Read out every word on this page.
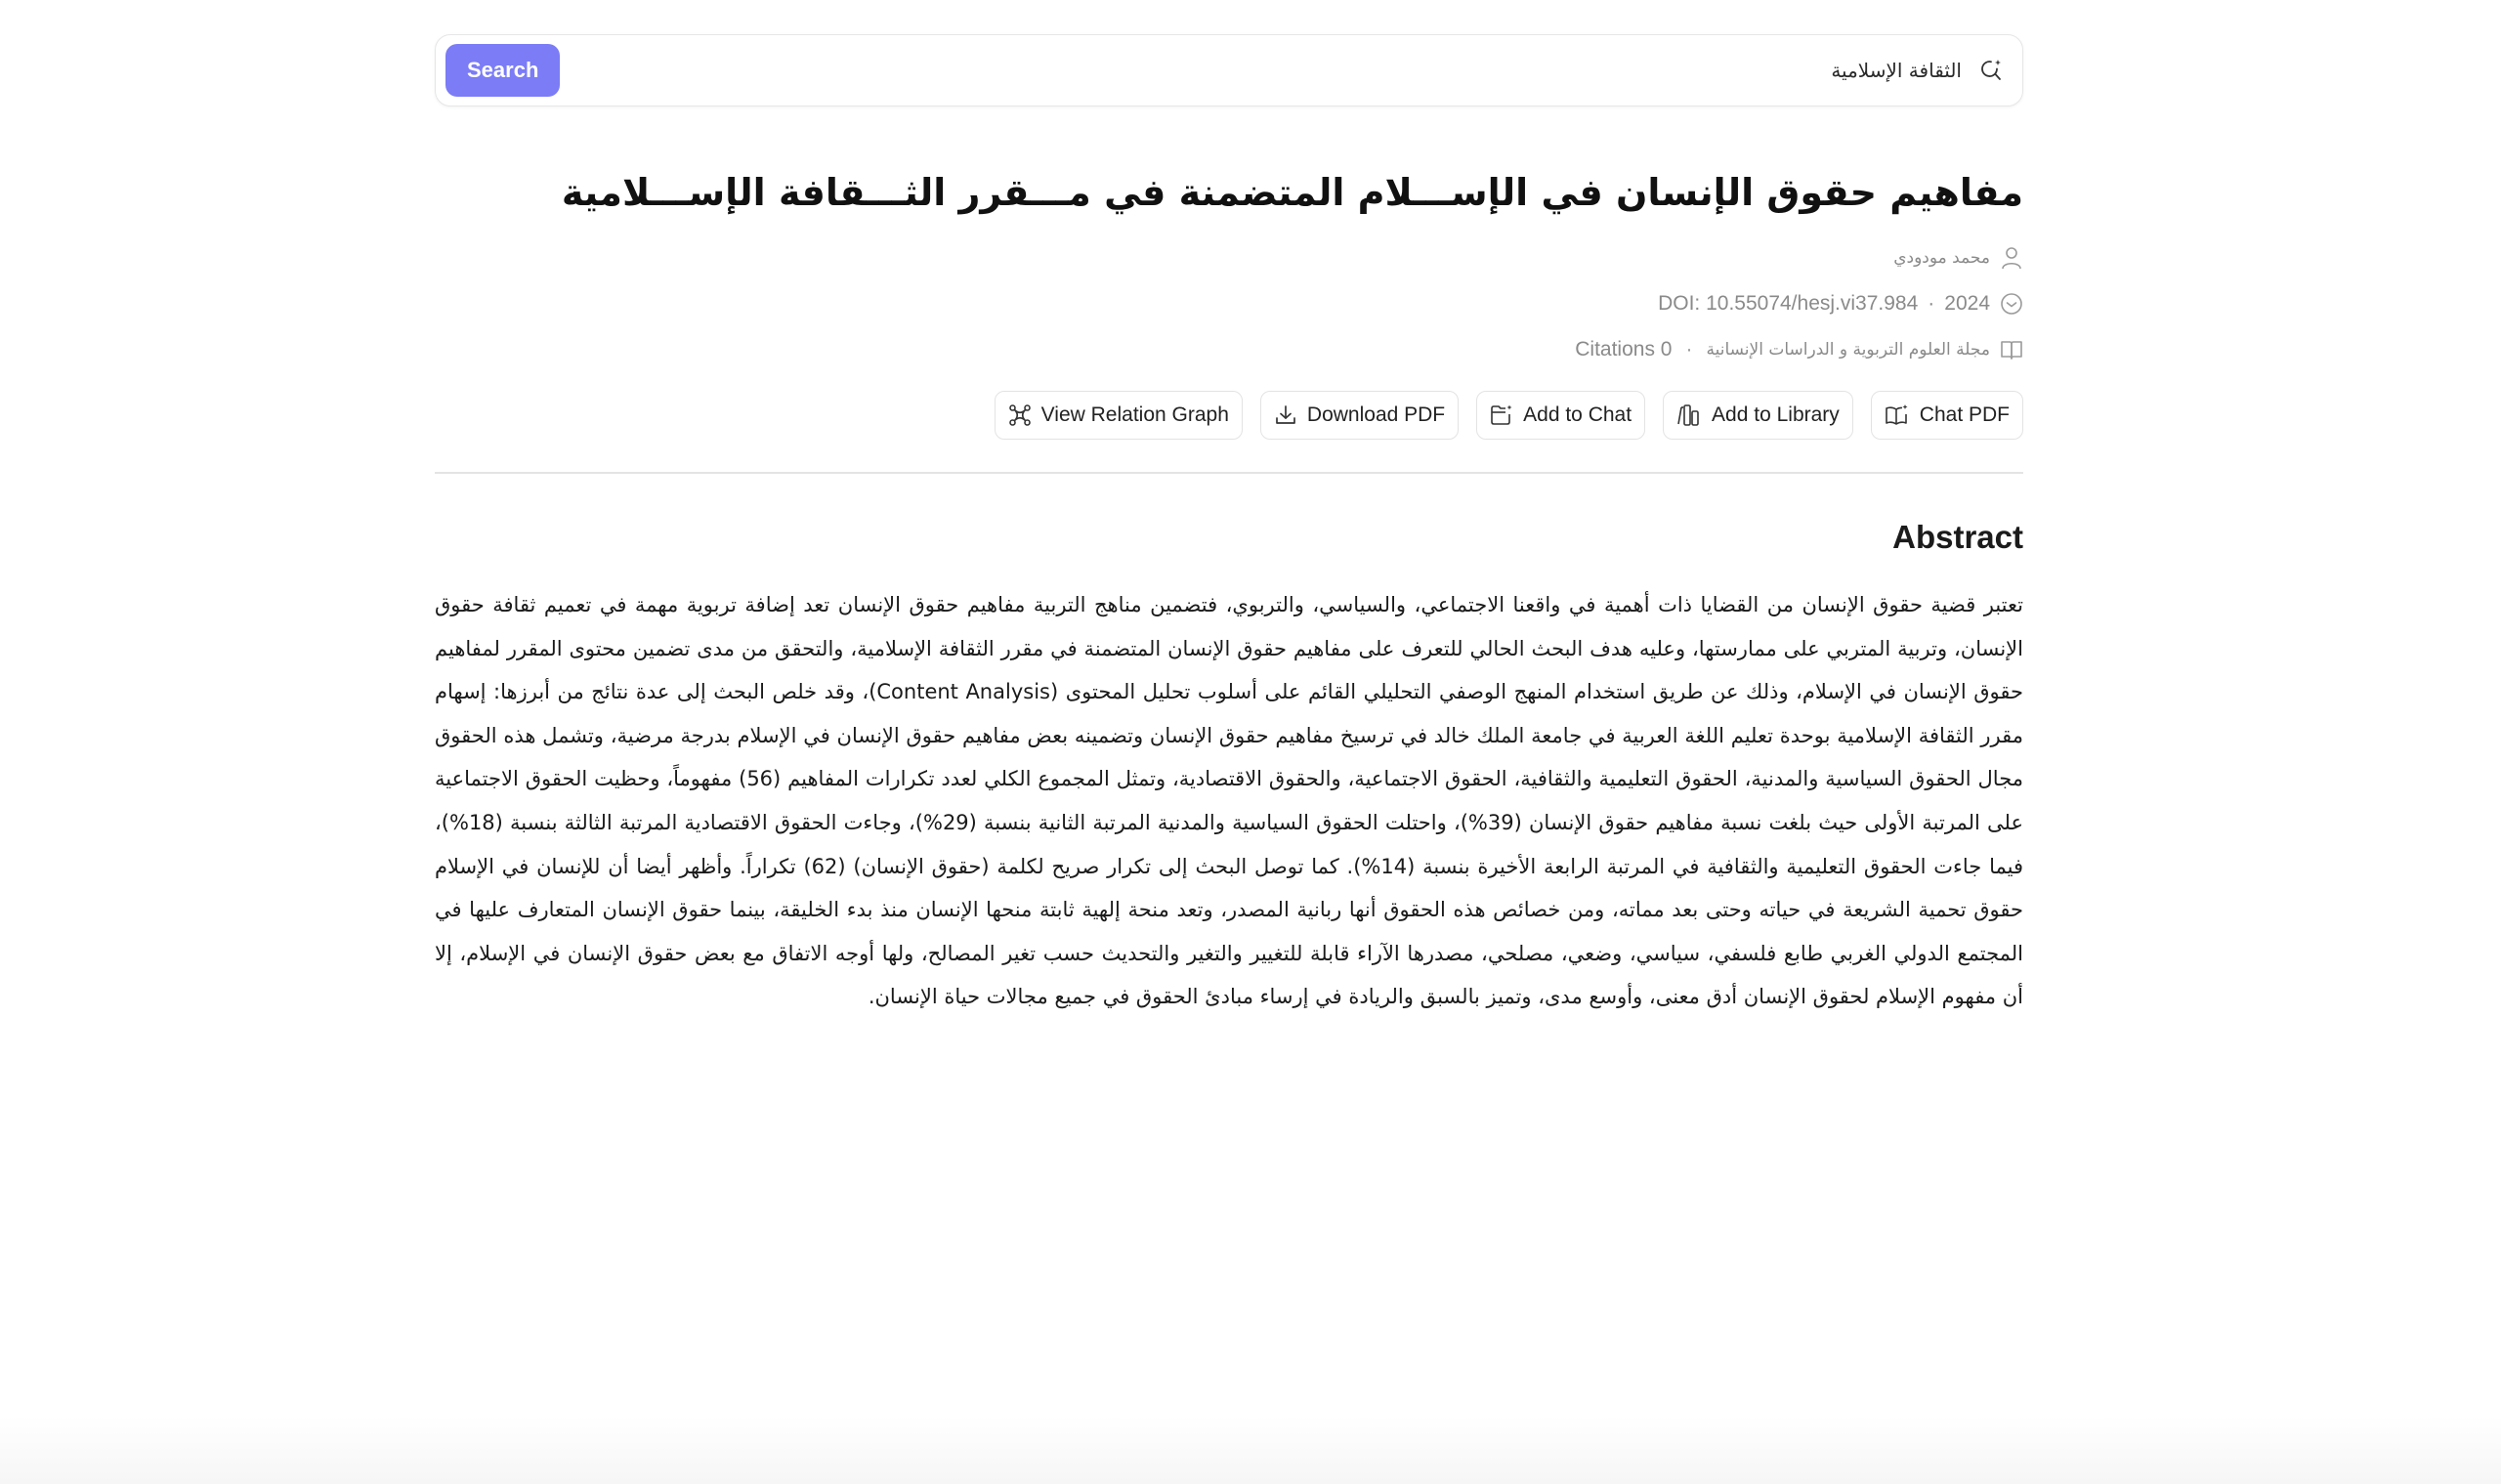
Search
الثقافة الإسلامية
مفاهيم حقوق الإنسان في الإســـلام المتضمنة في مـــقرر الثـــقافة الإســـلامية
محمد مودودي
DOI: 10.55074/hesj.vi37.984 · 2024
Citations 0 · مجلة العلوم التربوية و الدراسات الإنسانية
View Relation Graph	Download PDF	Add to Chat	Add to Library	Chat PDF
Abstract

تعتبر قضية حقوق الإنسان من القضايا ذات أهمية في واقعنا الاجتماعي، والسياسي، والتربوي، فتضمين مناهج التربية مفاهيم حقوق الإنسان تعد إضافة تربوية مهمة في تعميم ثقافة حقوق الإنسان، وتربية المتربي على ممارستها، وعليه هدف البحث الحالي للتعرف على مفاهيم حقوق الإنسان المتضمنة في مقرر الثقافة الإسلامية، والتحقق من مدى تضمين محتوى المقرر لمفاهيم حقوق الإنسان في الإسلام، وذلك عن طريق استخدام المنهج الوصفي التحليلي القائم على أسلوب تحليل المحتوى (Content Analysis)، وقد خلص البحث إلى عدة نتائج من أبرزها: إسهام مقرر الثقافة الإسلامية بوحدة تعليم اللغة العربية في جامعة الملك خالد في ترسيخ مفاهيم حقوق الإنسان وتضمينه بعض مفاهيم حقوق الإنسان في الإسلام بدرجة مرضية، وتشمل هذه الحقوق مجال الحقوق السياسية والمدنية، الحقوق التعليمية والثقافية، الحقوق الاجتماعية، والحقوق الاقتصادية، وتمثل المجموع الكلي لعدد تكرارات المفاهيم (56) مفهوماً، وحظيت الحقوق الاجتماعية على المرتبة الأولى حيث بلغت نسبة مفاهيم حقوق الإنسان (39%)، واحتلت الحقوق السياسية والمدنية المرتبة الثانية بنسبة (29%)، وجاءت الحقوق الاقتصادية المرتبة الثالثة بنسبة (18%)، فيما جاءت الحقوق التعليمية والثقافية في المرتبة الرابعة الأخيرة بنسبة (14%). كما توصل البحث إلى تكرار صريح لكلمة (حقوق الإنسان) (62) تكراراً. وأظهر أيضا أن للإنسان في الإسلام حقوق تحمية الشريعة في حياته وحتى بعد مماته، ومن خصائص هذه الحقوق أنها ربانية المصدر، وتعد منحة إلهية ثابتة منحها الإنسان منذ بدء الخليقة، بينما حقوق الإنسان المتعارف عليها في المجتمع الدولي الغربي طابع فلسفي، سياسي، وضعي، مصلحي، مصدرها الآراء قابلة للتغيير والتغير والتحديث حسب تغير المصالح، ولها أوجه الاتفاق مع بعض حقوق الإنسان في الإسلام، إلا أن مفهوم الإسلام لحقوق الإنسان أدق معنى، وأوسع مدى، وتميز بالسبق والريادة في إرساء مبادئ الحقوق في جميع مجالات حياة الإنسان.
